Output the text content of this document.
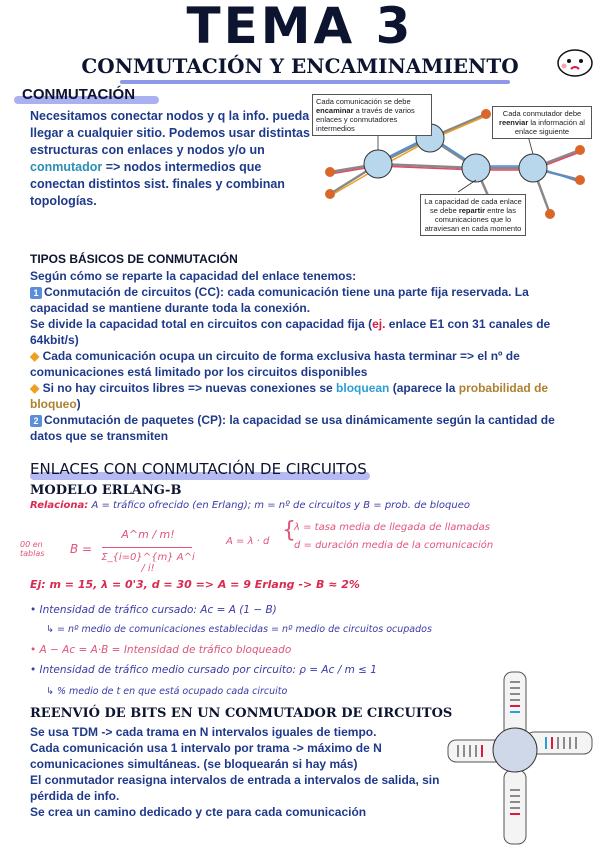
TEMA 3
CONMUTACIÓN Y ENCAMINAMIENTO
CONMUTACIÓN
Necesitamos conectar nodos y q la info. pueda llegar a cualquier sitio. Podemos usar distintas estructuras con enlaces y nodos y/o un conmutador => nodos intermedios que conectan distintos sist. finales y combinan topologías.
Cada comunicación se debe encaminar a través de varios enlaces y conmutadores intermedios
Cada conmutador debe reenviar la información al enlace siguiente
La capacidad de cada enlace se debe repartir entre las comunicaciones que lo atraviesan en cada momento
TIPOS BÁSICOS DE CONMUTACIÓN
Según cómo se reparte la capacidad del enlace tenemos:
1 Conmutación de circuitos (CC): cada comunicación tiene una parte fija reservada. La capacidad se mantiene durante toda la conexión.
Se divide la capacidad total en circuitos con capacidad fija (ej. enlace E1 con 31 canales de 64kbit/s)
◆ Cada comunicación ocupa un circuito de forma exclusiva hasta terminar => el nº de comunicaciones está limitado por los circuitos disponibles
◆ Si no hay circuitos libres => nuevas conexiones se bloquean (aparece la probabilidad de bloqueo)
2 Conmutación de paquetes (CP): la capacidad se usa dinámicamente según la cantidad de datos que se transmiten
ENLACES CON CONMUTACIÓN DE CIRCUITOS
MODELO ERLANG-B
Relaciona: A = tráfico ofrecido (en Erlang); m = nº de circuitos y B = prob. de bloqueo
00 en tablas	B =
A^m / m!
Σ_{i=0}^{m} A^i / i!
A = λ · d {
λ = tasa media de llegada de llamadas
d = duración media de la comunicación
Ej: m = 15, λ = 0'3, d = 30 => A = 9 Erlang -> B ≈ 2%
• Intensidad de tráfico cursado: Ac = A (1 − B)
↳ = nº medio de comunicaciones establecidas = nº medio de circuitos ocupados
• A − Ac = A·B = Intensidad de tráfico bloqueado
• Intensidad de tráfico medio cursado por circuito: ρ = Ac / m ≤ 1
↳ % medio de t en que está ocupado cada circuito
REENVIÓ DE BITS EN UN CONMUTADOR DE CIRCUITOS
Se usa TDM -> cada trama en N intervalos iguales de tiempo.
Cada comunicación usa 1 intervalo por trama -> máximo de N comunicaciones simultáneas. (se bloquearán si hay más)
El conmutador reasigna intervalos de entrada a intervalos de salida, sin pérdida de info.
Se crea un camino dedicado y cte para cada comunicación
